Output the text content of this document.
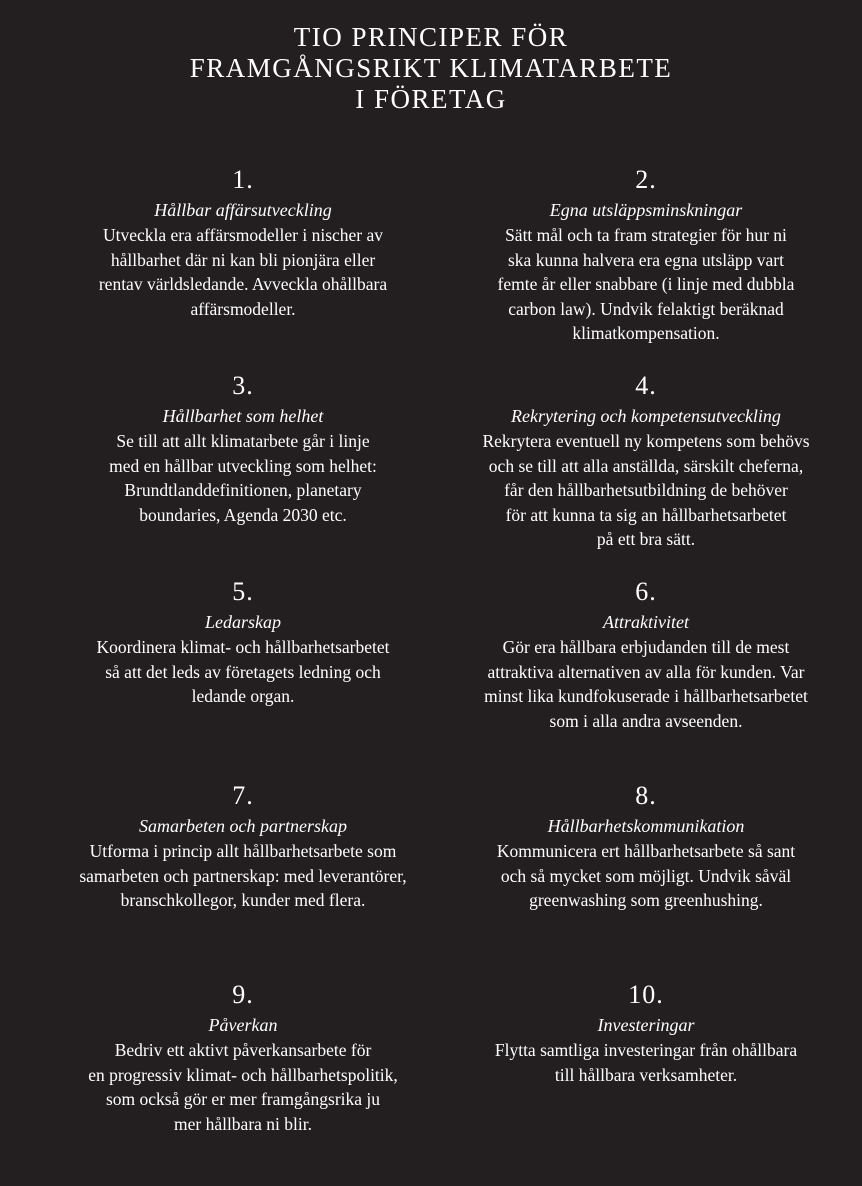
TIO PRINCIPER FÖR
FRAMGÅNGSRIKT KLIMATARBETE
I FÖRETAG
1.
Hållbar affärsutveckling
Utveckla era affärsmodeller i nischer av
hållbarhet där ni kan bli pionjära eller
rentav världsledande. Avveckla ohållbara
affärsmodeller.
2.
Egna utsläppsminskningar
Sätt mål och ta fram strategier för hur ni
ska kunna halvera era egna utsläpp vart
femte år eller snabbare (i linje med dubbla
carbon law). Undvik felaktigt beräknad
klimatkompensation.
3.
Hållbarhet som helhet
Se till att allt klimatarbete går i linje
med en hållbar utveckling som helhet:
Brundtlanddefinitionen, planetary
boundaries, Agenda 2030 etc.
4.
Rekrytering och kompetensutveckling
Rekrytera eventuell ny kompetens som behövs
och se till att alla anställda, särskilt cheferna,
får den hållbarhetsutbildning de behöver
för att kunna ta sig an hållbarhetsarbetet
på ett bra sätt.
5.
Ledarskap
Koordinera klimat- och hållbarhetsarbetet
så att det leds av företagets ledning och
ledande organ.
6.
Attraktivitet
Gör era hållbara erbjudanden till de mest
attraktiva alternativen av alla för kunden. Var
minst lika kundfokuserade i hållbarhetsarbetet
som i alla andra avseenden.
7.
Samarbeten och partnerskap
Utforma i princip allt hållbarhetsarbete som
samarbeten och partnerskap: med leverantörer,
branschkollegor, kunder med flera.
8.
Hållbarhetskommunikation
Kommunicera ert hållbarhetsarbete så sant
och så mycket som möjligt. Undvik såväl
greenwashing som greenhushing.
9.
Påverkan
Bedriv ett aktivt påverkansarbete för
en progressiv klimat- och hållbarhetspolitik,
som också gör er mer framgångsrika ju
mer hållbara ni blir.
10.
Investeringar
Flytta samtliga investeringar från ohållbara
till hållbara verksamheter.
